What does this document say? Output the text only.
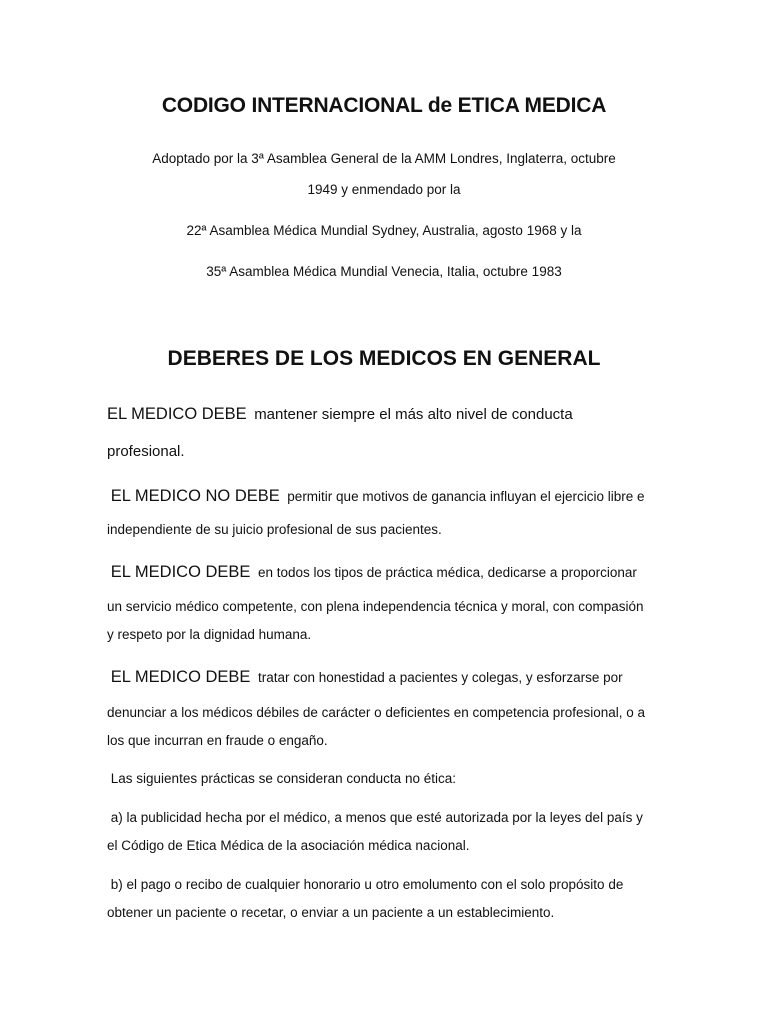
CODIGO INTERNACIONAL de ETICA MEDICA
Adoptado por la 3ª Asamblea General de la AMM Londres, Inglaterra, octubre
1949 y enmendado por la
22ª Asamblea Médica Mundial Sydney, Australia, agosto 1968 y la
35ª Asamblea Médica Mundial Venecia, Italia, octubre 1983
DEBERES DE LOS MEDICOS EN GENERAL
EL MEDICO DEBE mantener siempre el más alto nivel de conducta
profesional.
EL MEDICO NO DEBE permitir que motivos de ganancia influyan el ejercicio libre e
independiente de su juicio profesional de sus pacientes.
EL MEDICO DEBE en todos los tipos de práctica médica, dedicarse a proporcionar
un servicio médico competente, con plena independencia técnica y moral, con compasión
y respeto por la dignidad humana.
EL MEDICO DEBE tratar con honestidad a pacientes y colegas, y esforzarse por
denunciar a los médicos débiles de carácter o deficientes en competencia profesional, o a
los que incurran en fraude o engaño.
Las siguientes prácticas se consideran conducta no ética:
a) la publicidad hecha por el médico, a menos que esté autorizada por la leyes del país y
el Código de Etica Médica de la asociación médica nacional.
b) el pago o recibo de cualquier honorario u otro emolumento con el solo propósito de
obtener un paciente o recetar, o enviar a un paciente a un establecimiento.
